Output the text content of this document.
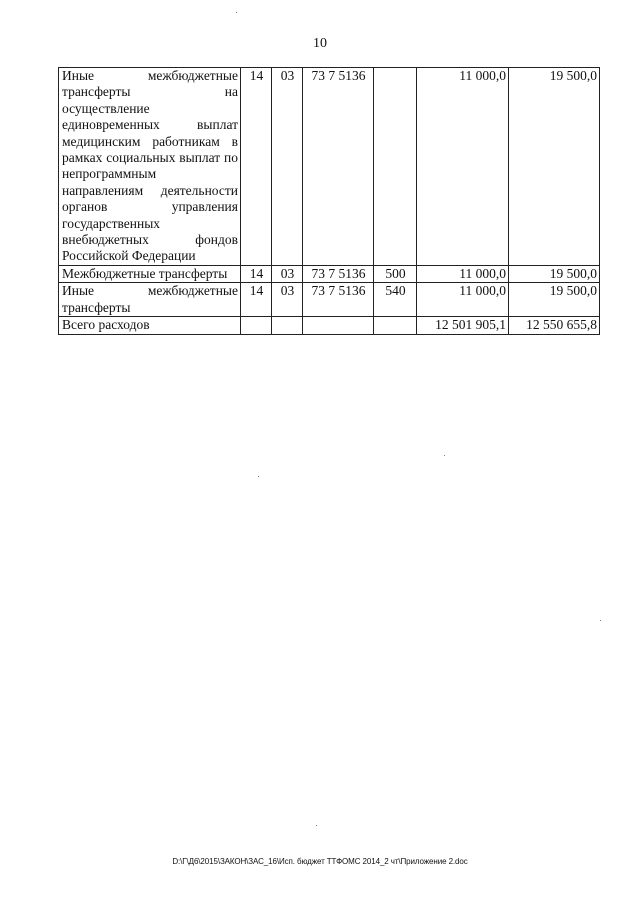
10
Иные межбюджетные трансферты на осуществление единовременных выплат медицинским работникам в рамках социальных выплат по непрограммным направлениям деятельности органов управления государственных внебюджетных фондов Российской Федерации	14	03	73 7 5136		11 000,0	19 500,0
Межбюджетные трансферты	14	03	73 7 5136	500	11 000,0	19 500,0
Иные межбюджетные трансферты	14	03	73 7 5136	540	11 000,0	19 500,0
Всего расходов					12 501 905,1	12 550 655,8
D:\Г\Д6\2015\ЗАКОН\ЗАС_16\Исп. бюджет ТТФОМС 2014_2 чт\Приложение 2.doc
